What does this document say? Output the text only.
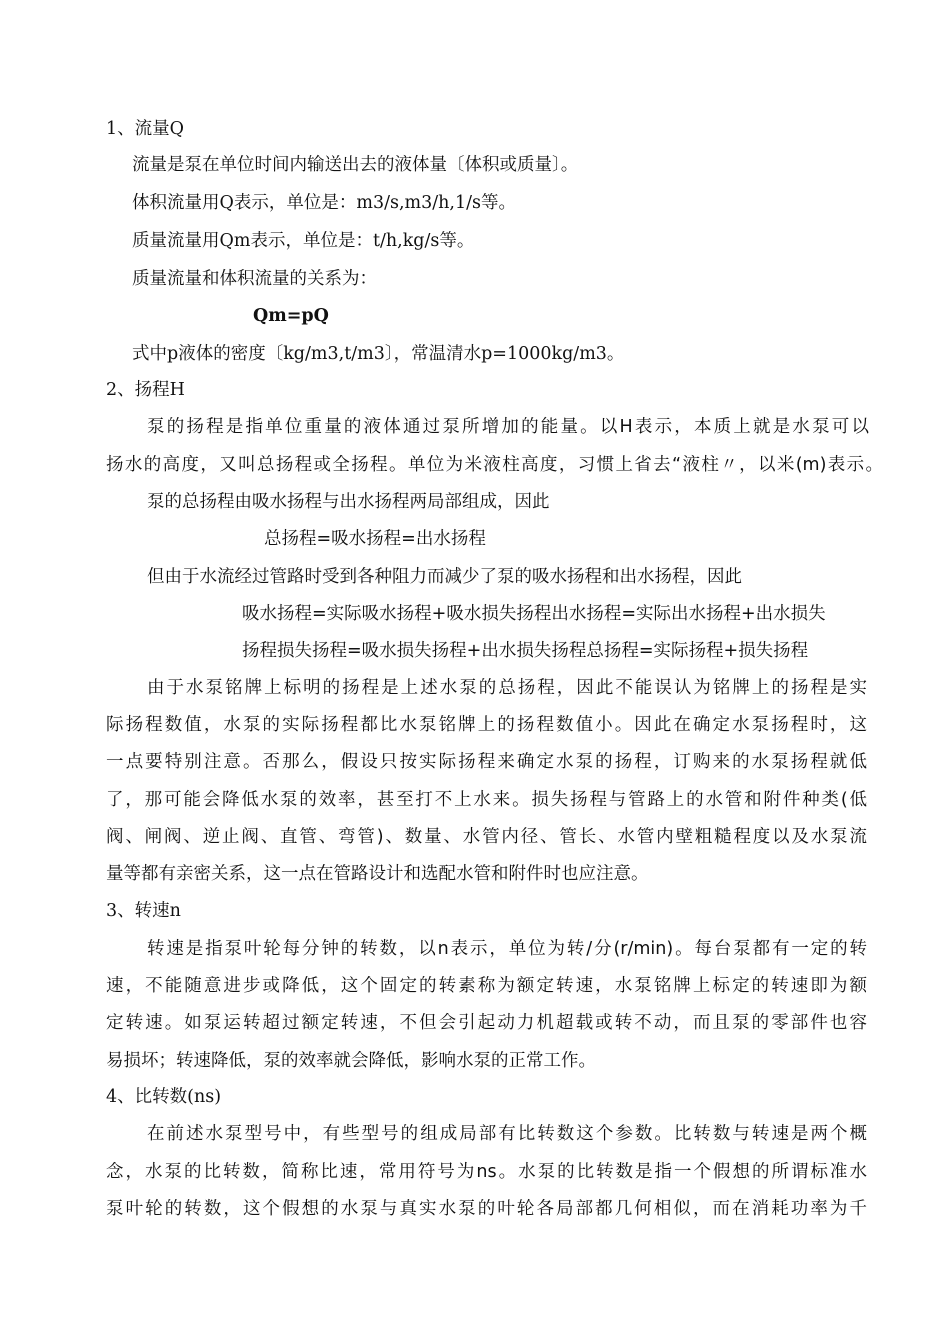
1、流量Q
流量是泵在单位时间内输送出去的液体量〔体积或质量〕。
体积流量用Q表示，单位是：m3/s,m3/h,1/s等。
质量流量用Qm表示，单位是：t/h,kg/s等。
质量流量和体积流量的关系为：
Qm=pQ
式中p液体的密度〔kg/m3,t/m3〕，常温清水p=1000kg/m3。
2、扬程H
泵的扬程是指单位重量的液体通过泵所增加的能量。以H表示，本质上就是水泵可以
扬水的高度，又叫总扬程或全扬程。单位为米液柱高度，习惯上省去“液柱〃，以米(m)表示。
泵的总扬程由吸水扬程与出水扬程两局部组成，因此
总扬程=吸水扬程=出水扬程
但由于水流经过管路时受到各种阻力而减少了泵的吸水扬程和出水扬程，因此
吸水扬程=实际吸水扬程+吸水损失扬程出水扬程=实际出水扬程+出水损失
扬程损失扬程=吸水损失扬程+出水损失扬程总扬程=实际扬程+损失扬程
由于水泵铭牌上标明的扬程是上述水泵的总扬程，因此不能误认为铭牌上的扬程是实
际扬程数值，水泵的实际扬程都比水泵铭牌上的扬程数值小。因此在确定水泵扬程时，这
一点要特别注意。否那么，假设只按实际扬程来确定水泵的扬程，订购来的水泵扬程就低
了，那可能会降低水泵的效率，甚至打不上水来。损失扬程与管路上的水管和附件种类(低
阀、闸阀、逆止阀、直管、弯管)、数量、水管内径、管长、水管内壁粗糙程度以及水泵流
量等都有亲密关系，这一点在管路设计和选配水管和附件时也应注意。
3、转速n
转速是指泵叶轮每分钟的转数，以n表示，单位为转/分(r/min)。每台泵都有一定的转
速，不能随意进步或降低，这个固定的转素称为额定转速，水泵铭牌上标定的转速即为额
定转速。如泵运转超过额定转速，不但会引起动力机超载或转不动，而且泵的零部件也容
易损坏；转速降低，泵的效率就会降低，影响水泵的正常工作。
4、比转数(ns)
在前述水泵型号中，有些型号的组成局部有比转数这个参数。比转数与转速是两个概
念，水泵的比转数，简称比速，常用符号为ns。水泵的比转数是指一个假想的所谓标准水
泵叶轮的转数，这个假想的水泵与真实水泵的叶轮各局部都几何相似，而在消耗功率为千
